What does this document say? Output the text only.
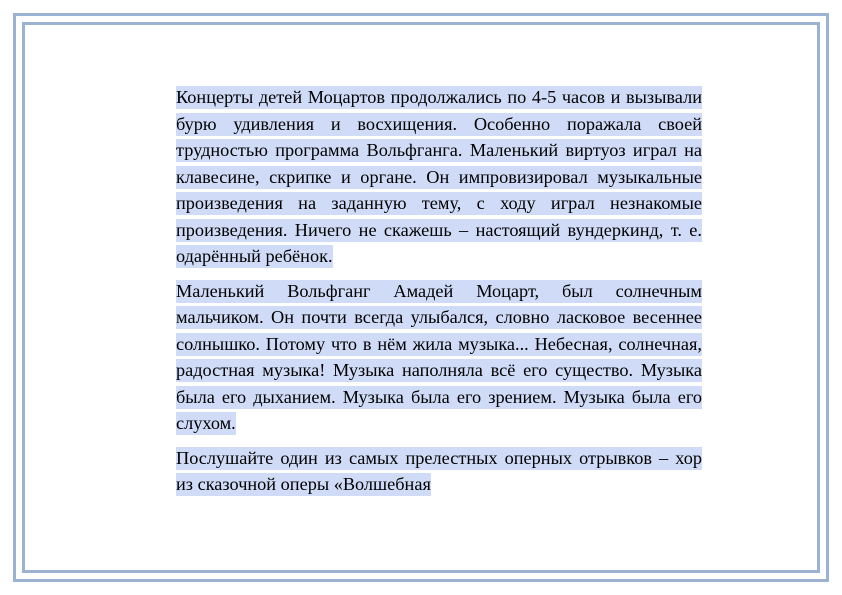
Концерты детей Моцартов продолжались по 4-5 часов и вызывали бурю удивления и восхищения. Особенно поражала своей трудностью программа Вольфганга. Маленький виртуоз играл на клавесине, скрипке и органе. Он импровизировал музыкальные произведения на заданную тему, с ходу играл незнакомые произведения. Ничего не скажешь – настоящий вундеркинд, т. е. одарённый ребёнок.

Маленький Вольфганг Амадей Моцарт, был солнечным мальчиком. Он почти всегда улыбался, словно ласковое весеннее солнышко. Потому что в нём жила музыка... Небесная, солнечная, радостная музыка! Музыка наполняла всё его существо. Музыка была его дыханием. Музыка была его зрением. Музыка была его слухом.

Послушайте один из самых прелестных оперных отрывков – хор из сказочной оперы «Волшебная
